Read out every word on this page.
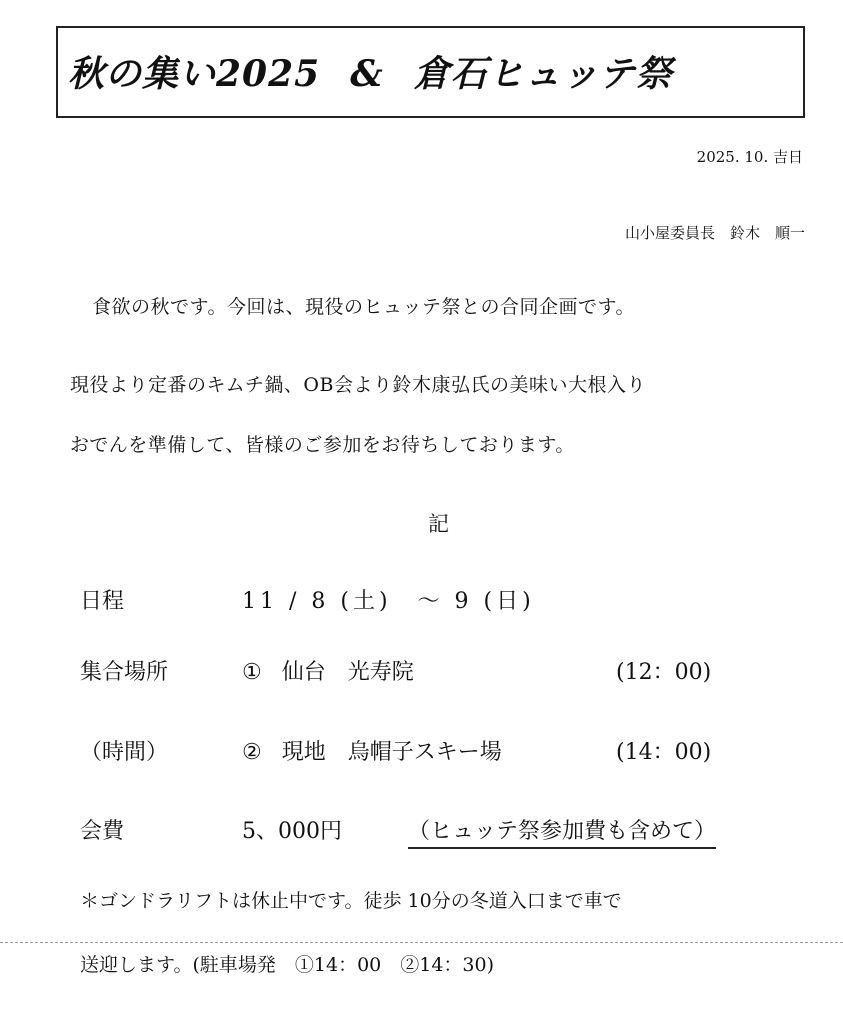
秋の集い2025 & 倉石ヒュッテ祭
2025. 10. 吉日
山小屋委員長　鈴木　順一
食欲の秋です。今回は、現役のヒュッテ祭との合同企画です。
現役より定番のキムチ鍋、OB会より鈴木康弘氏の美味い大根入り
おでんを準備して、皆様のご参加をお待ちしております。
記
日程	11 / 8 (土)　～ 9 (日)
集合場所	① 仙台　光寿院	(12：00)
（時間）	② 現地　烏帽子スキー場	(14：00)
会費	5、000円	（ヒュッテ祭参加費も含めて）
＊ゴンドラリフトは休止中です。徒歩 10分の冬道入口まで車で
送迎します。(駐車場発　①14：00　②14：30)
